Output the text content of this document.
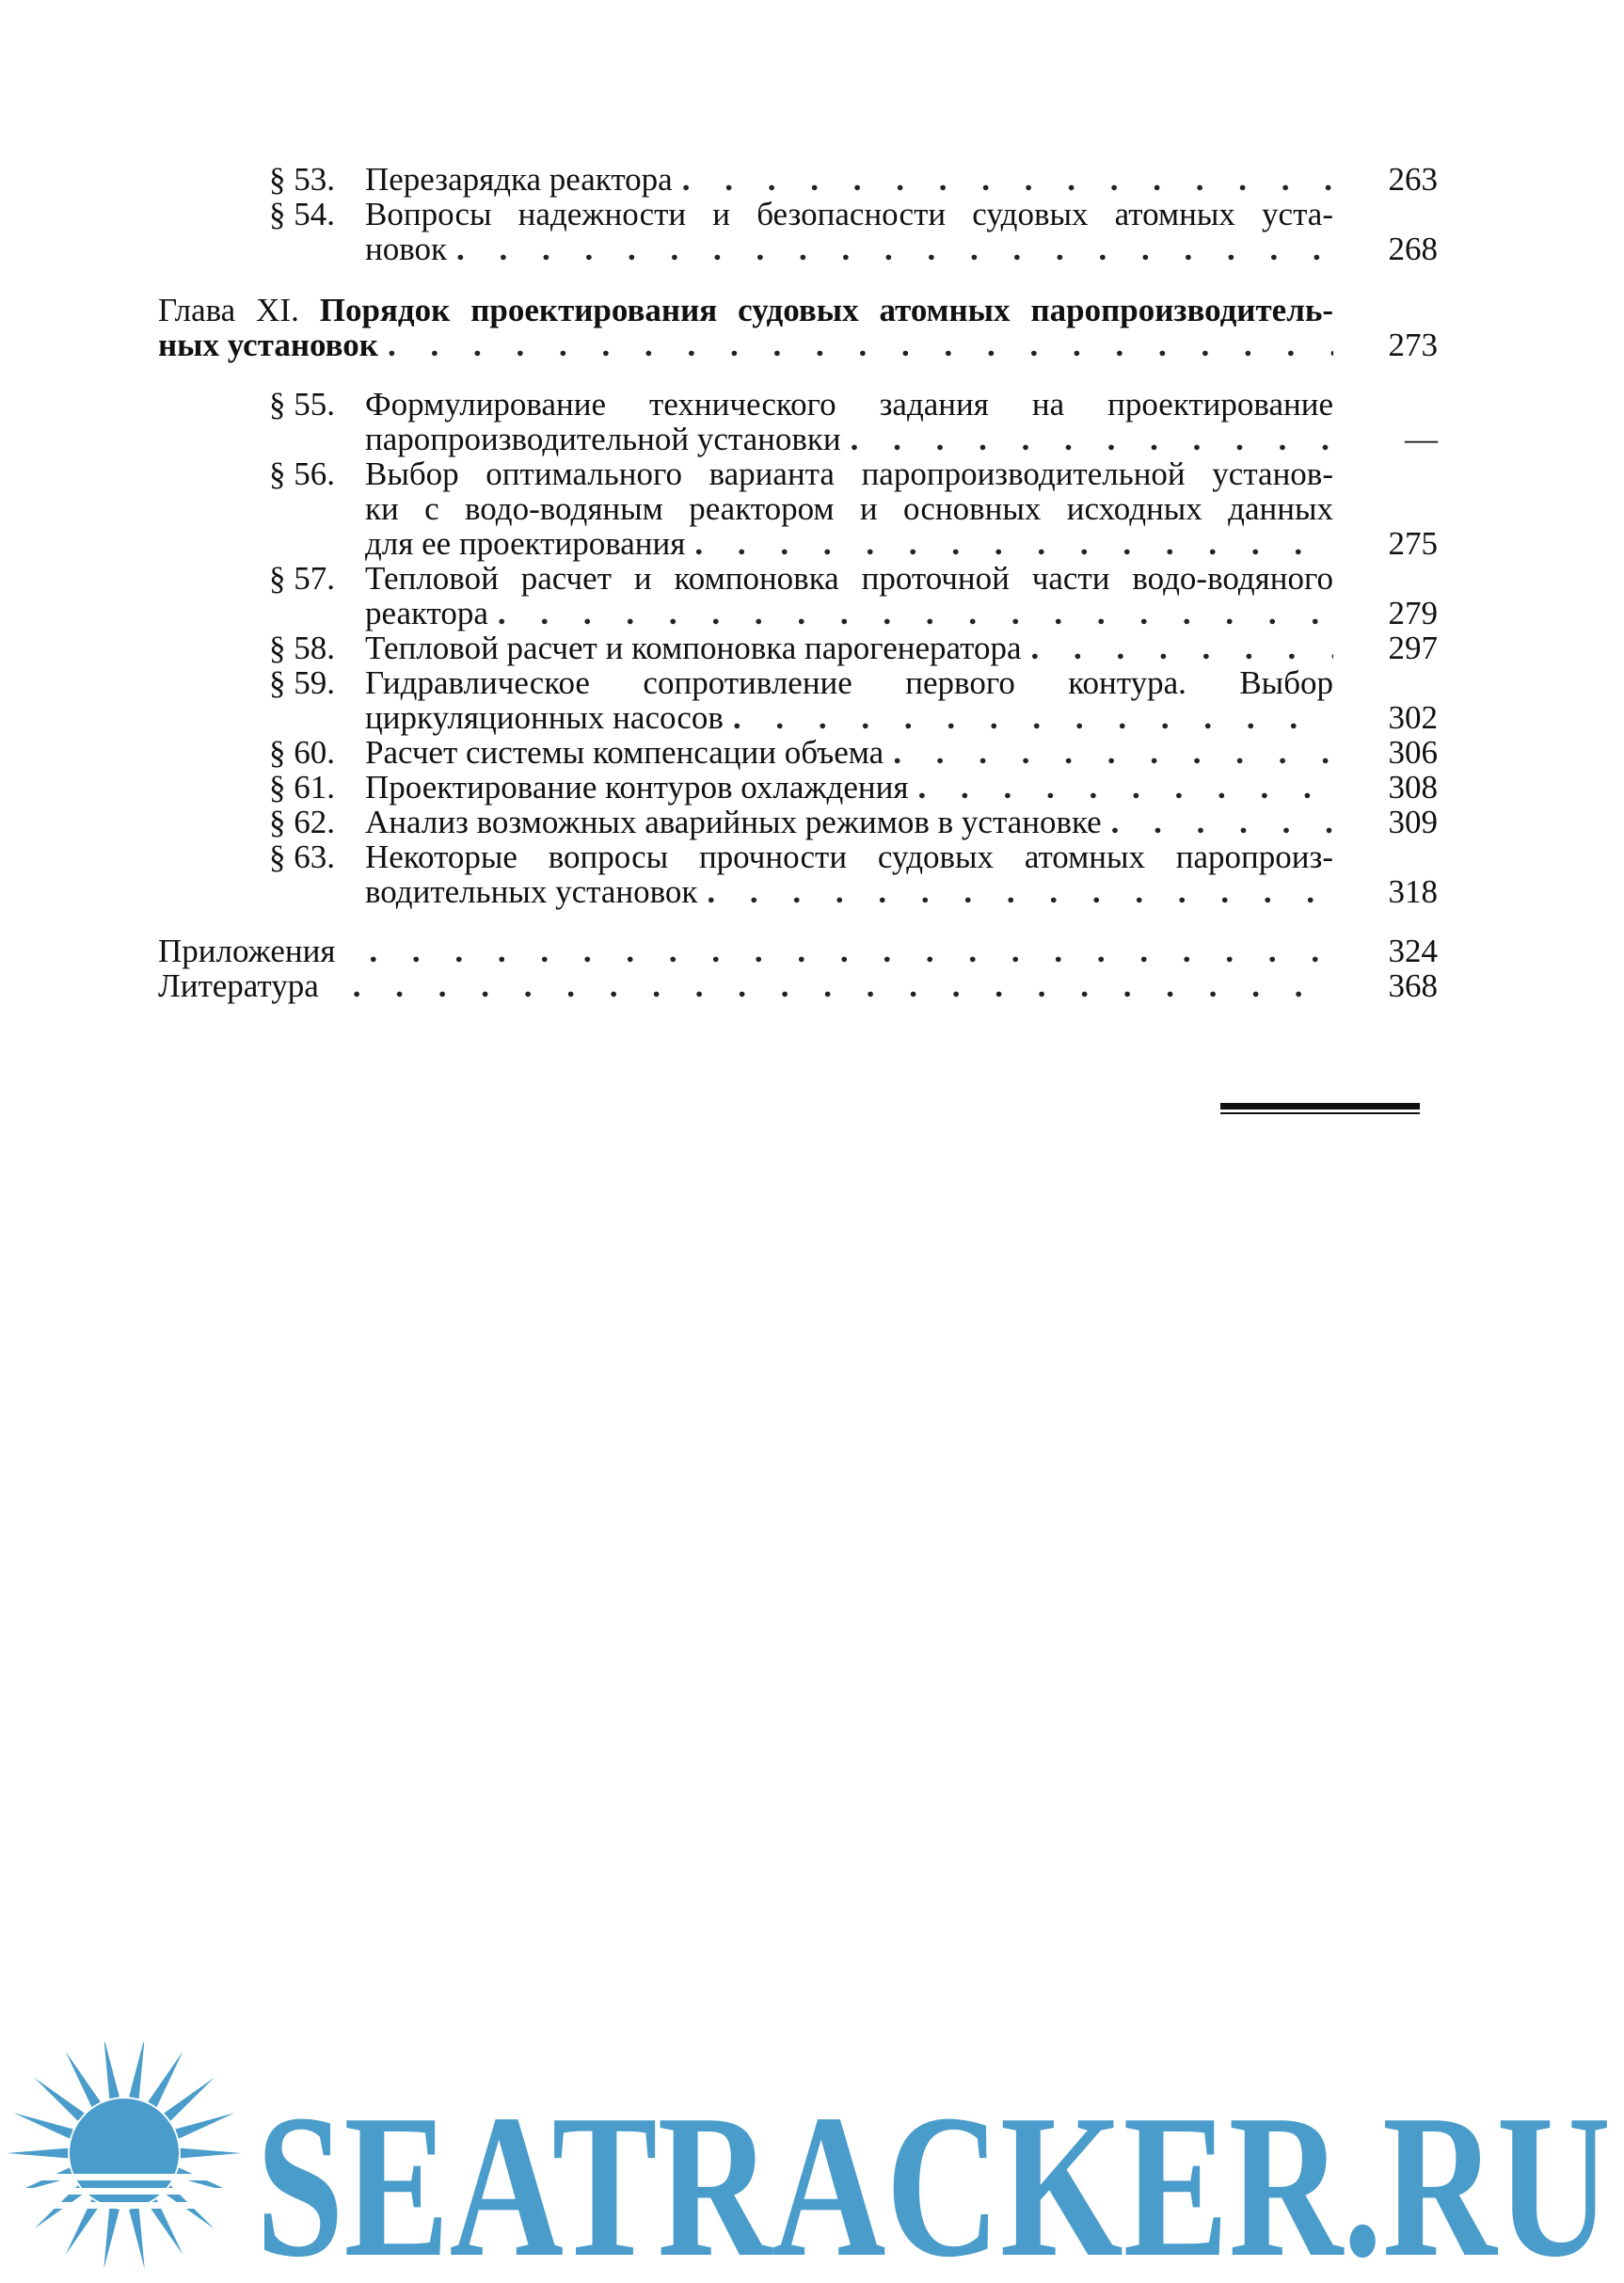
§ 53. Перезарядка реактора . . .	263
§ 54. Вопросы надежности и безопасности судовых атомных уста-
новок . . .	268
Глава XI. Порядок проектирования судовых атомных паропроизводитель-
ных установок . . .	273
§ 55. Формулирование технического задания на проектирование
паропроизводительной установки . . .	—
§ 56. Выбор оптимального варианта паропроизводительной установ-
ки с водо-водяным реактором и основных исходных данных
для ее проектирования . . .	275
§ 57. Тепловой расчет и компоновка проточной части водо-водяного
реактора . . .	279
§ 58. Тепловой расчет и компоновка парогенератора . . .	297
§ 59. Гидравлическое сопротивление первого контура. Выбор
циркуляционных насосов . . .	302
§ 60. Расчет системы компенсации объема . . .	306
§ 61. Проектирование контуров охлаждения . . .	308
§ 62. Анализ возможных аварийных режимов в установке . . .	309
§ 63. Некоторые вопросы прочности судовых атомных паропроиз-
водительных установок . . .	318
Приложения . . .	324
Литература . . .	368
SEATRACKER.RU
